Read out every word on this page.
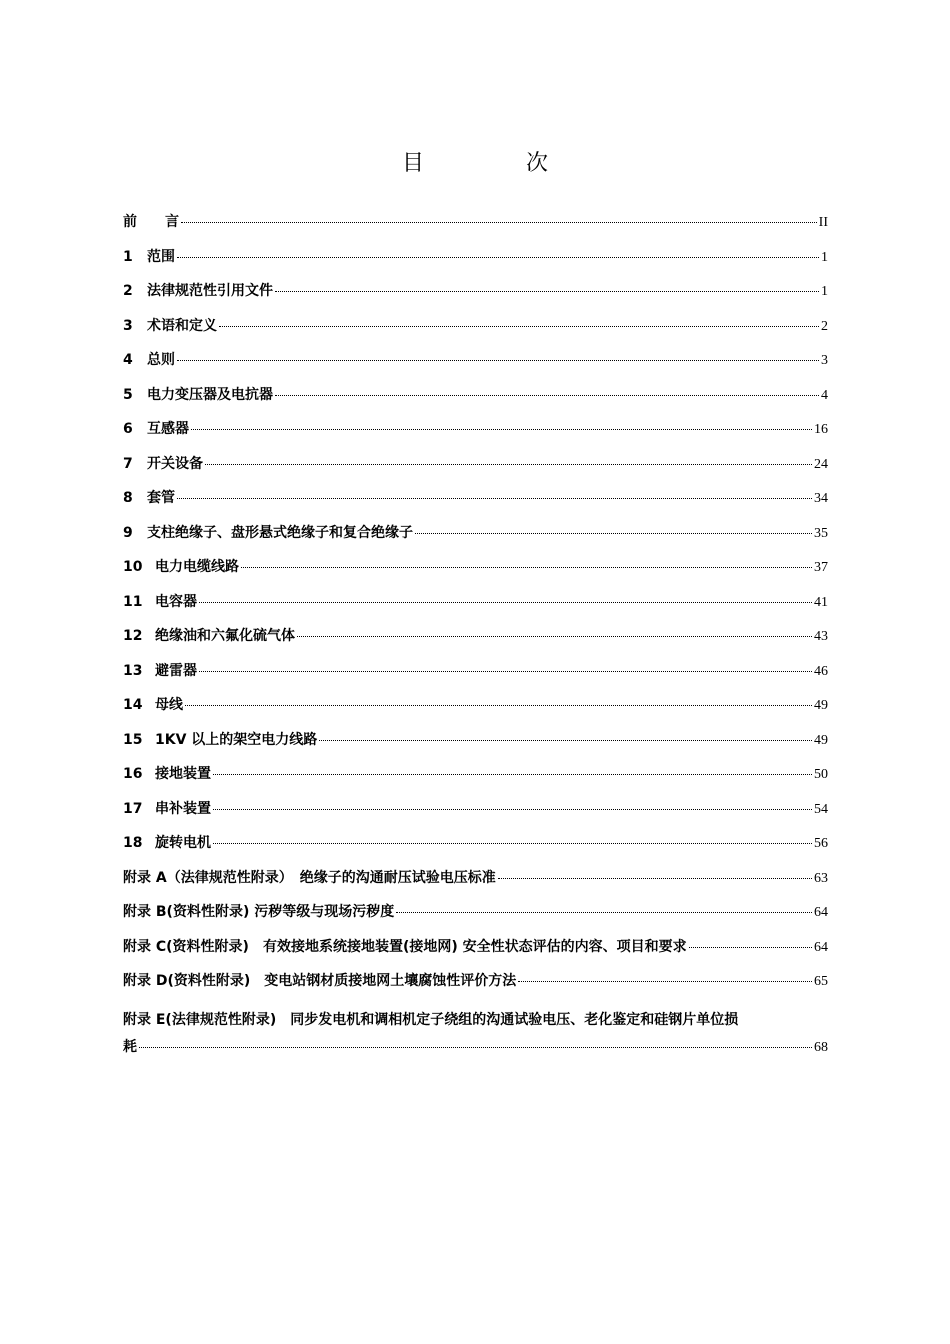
目　次
前　　言	II
1	范围	1
2	法律规范性引用文件	1
3	术语和定义	2
4	总则	3
5	电力变压器及电抗器	4
6	互感器	16
7	开关设备	24
8	套管	34
9	支柱绝缘子、盘形悬式绝缘子和复合绝缘子	35
10 电力电缆线路	37
11 电容器	41
12 绝缘油和六氟化硫气体	43
13 避雷器	46
14 母线	49
15 1KV 以上的架空电力线路	49
16 接地装置	50
17 串补装置	54
18 旋转电机	56
附录 A（法律规范性附录）　绝缘子的沟通耐压试验电压标准	63
附录 B(资料性附录) 污秽等级与现场污秽度	64
附录 C(资料性附录)　有效接地系统接地装置(接地网) 安全性状态评估的内容、项目和要求	64
附录 D(资料性附录)　变电站钢材质接地网土壤腐蚀性评价方法	65
附录 E(法律规范性附录)　同步发电机和调相机定子绕组的沟通试验电压、老化鉴定和硅钢片单位损
耗	68
